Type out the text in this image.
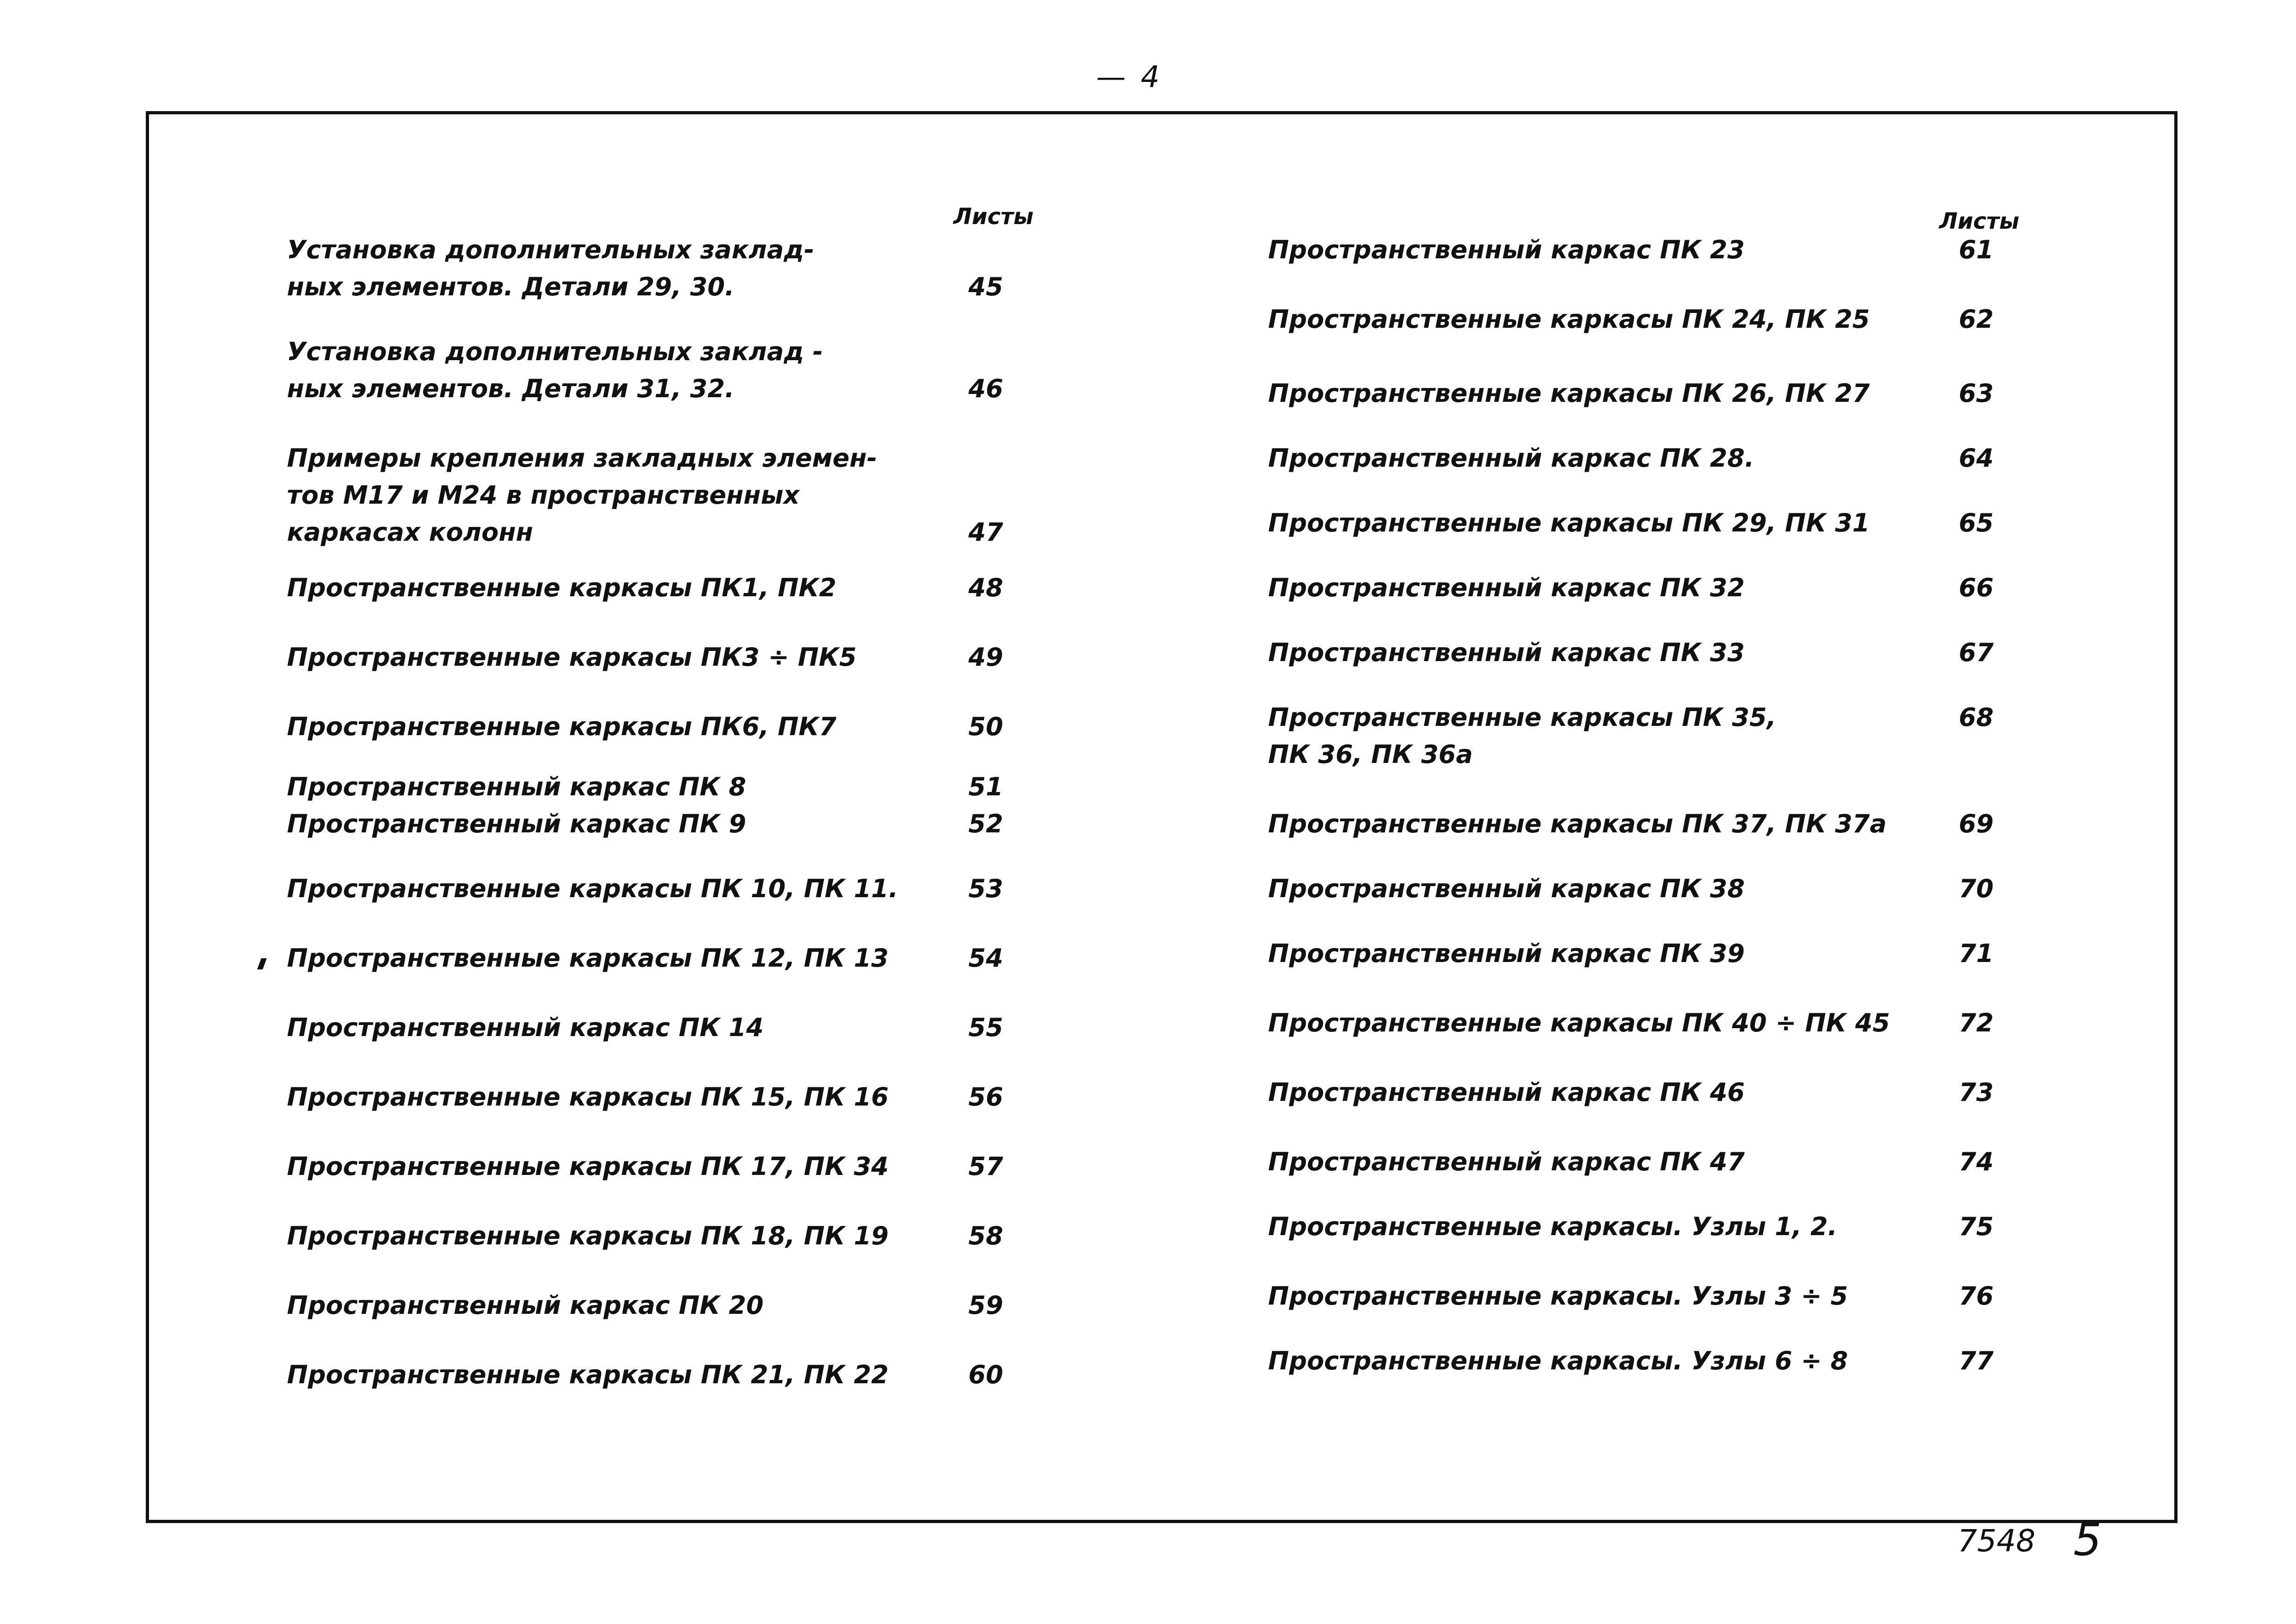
— 4 —
Листы	Листы
Установка дополнительных заклад-
ных элементов. Детали 29, 30.	45
Установка дополнительных заклад -
ных элементов. Детали 31, 32.	46
Примеры крепления закладных элемен-
тов М17 и М24 в пространственных
каркасах колонн	47
Пространственные каркасы ПК1, ПК2	48
Пространственные каркасы ПК3 ÷ ПК5	49
Пространственные каркасы ПК6, ПК7	50
Пространственный каркас ПК 8	51
Пространственный каркас ПК 9	52
Пространственные каркасы ПК 10, ПК 11.	53
Пространственные каркасы ПК 12, ПК 13	54
Пространственный каркас ПК 14	55
Пространственные каркасы ПК 15, ПК 16	56
Пространственные каркасы ПК 17, ПК 34	57
Пространственные каркасы ПК 18, ПК 19	58
Пространственный каркас ПК 20	59
Пространственные каркасы ПК 21, ПК 22	60
Пространственный каркас ПК 23	61
Пространственные каркасы ПК 24, ПК 25	62
Пространственные каркасы ПК 26, ПК 27	63
Пространственный каркас ПК 28.	64
Пространственные каркасы ПК 29, ПК 31	65
Пространственный каркас ПК 32	66
Пространственный каркас ПК 33	67
Пространственные каркасы ПК 35,
ПК 36, ПК 36а
68
Пространственные каркасы ПК 37, ПК 37а	69
Пространственный каркас ПК 38	70
Пространственный каркас ПК 39	71
Пространственные каркасы ПК 40 ÷ ПК 45	72
Пространственный каркас ПК 46	73
Пространственный каркас ПК 47	74
Пространственные каркасы. Узлы 1, 2.	75
Пространственные каркасы. Узлы 3 ÷ 5	76
Пространственные каркасы. Узлы 6 ÷ 8	77
7548 5
